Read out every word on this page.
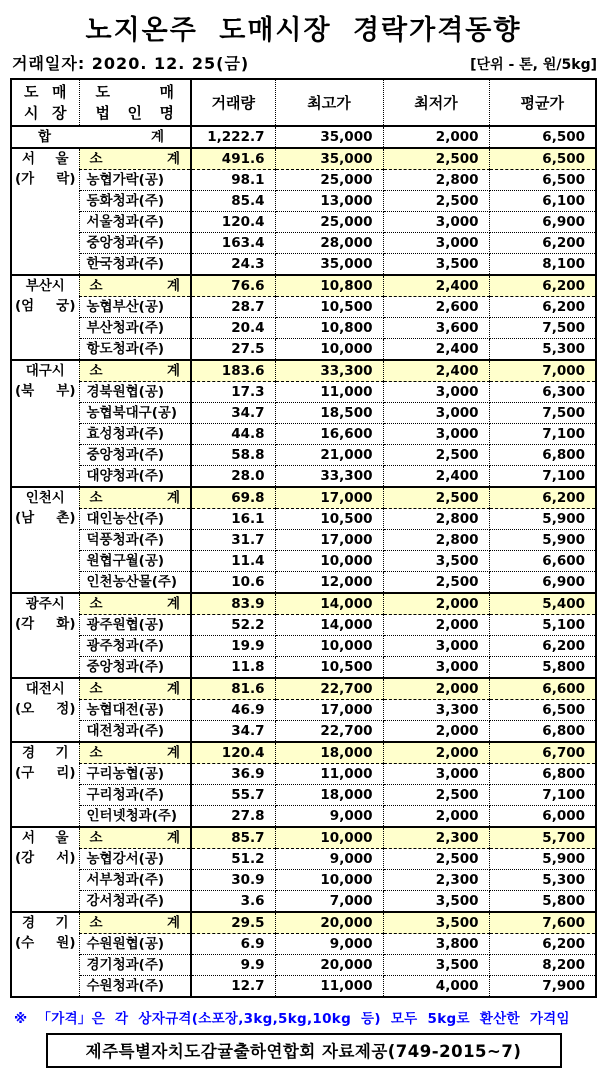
노지온주 도매시장 경락가격동향
거래일자: 2020. 12. 25(금)	[단위 - 톤, 원/5kg]
도 매
시 장

도	매
법 인 명
	거래량	최고가	최저가	평균가

합 계		1,222.7	35,000	2,000	6,500

서 울
(가 락)

소	계	491.6	35,000	2,500	6,500
	농협가락(공)	98.1	25,000	2,800	6,500
	동화청과(주)	85.4	13,000	2,500	6,100
	서울청과(주)	120.4	25,000	3,000	6,900
	중앙청과(주)	163.4	28,000	3,000	6,200
	한국청과(주)	24.3	35,000	3,500	8,100

부산시
(엄 궁)

소	계	76.6	10,800	2,400	6,200
	농협부산(공)	28.7	10,500	2,600	6,200
	부산청과(주)	20.4	10,800	3,600	7,500
	항도청과(주)	27.5	10,000	2,400	5,300

대구시
(북 부)

소	계	183.6	33,300	2,400	7,000
	경북원협(공)	17.3	11,000	3,000	6,300
	농협북대구(공)	34.7	18,500	3,000	7,500
	효성청과(주)	44.8	16,600	3,000	7,100
	중앙청과(주)	58.8	21,000	2,500	6,800
	대양청과(주)	28.0	33,300	2,400	7,100

인천시
(남 촌)

소	계	69.8	17,000	2,500	6,200
	대인농산(주)	16.1	10,500	2,800	5,900
	덕풍청과(주)	31.7	17,000	2,800	5,900
	원협구월(공)	11.4	10,000	3,500	6,600
	인천농산물(주)	10.6	12,000	2,500	6,900

광주시
(각 화)

소	계	83.9	14,000	2,000	5,400
	광주원협(공)	52.2	14,000	2,000	5,100
	광주청과(주)	19.9	10,000	3,000	6,200
	중앙청과(주)	11.8	10,500	3,000	5,800

대전시
(오 정)

소	계	81.6	22,700	2,000	6,600
	농협대전(공)	46.9	17,000	3,300	6,500
	대전청과(주)	34.7	22,700	2,000	6,800

경 기
(구 리)

소	계	120.4	18,000	2,000	6,700
	구리농협(공)	36.9	11,000	3,000	6,800
	구리청과(주)	55.7	18,000	2,500	7,100
	인터넷청과(주)	27.8	9,000	2,000	6,000

서 울
(강 서)

소	계	85.7	10,000	2,300	5,700
	농협강서(공)	51.2	9,000	2,500	5,900
	서부청과(주)	30.9	10,000	2,300	5,300
	강서청과(주)	3.6	7,000	3,500	5,800

경 기
(수 원)

소	계	29.5	20,000	3,500	7,600
	수원원협(공)	6.9	9,000	3,800	6,200
	경기청과(주)	9.9	20,000	3,500	8,200
	수원청과(주)	12.7	11,000	4,000	7,900
※ 「가격」은 각 상자규격(소포장,3kg,5kg,10kg 등) 모두 5kg로 환산한 가격임
제주특별자치도감귤출하연합회 자료제공(749-2015~7)
